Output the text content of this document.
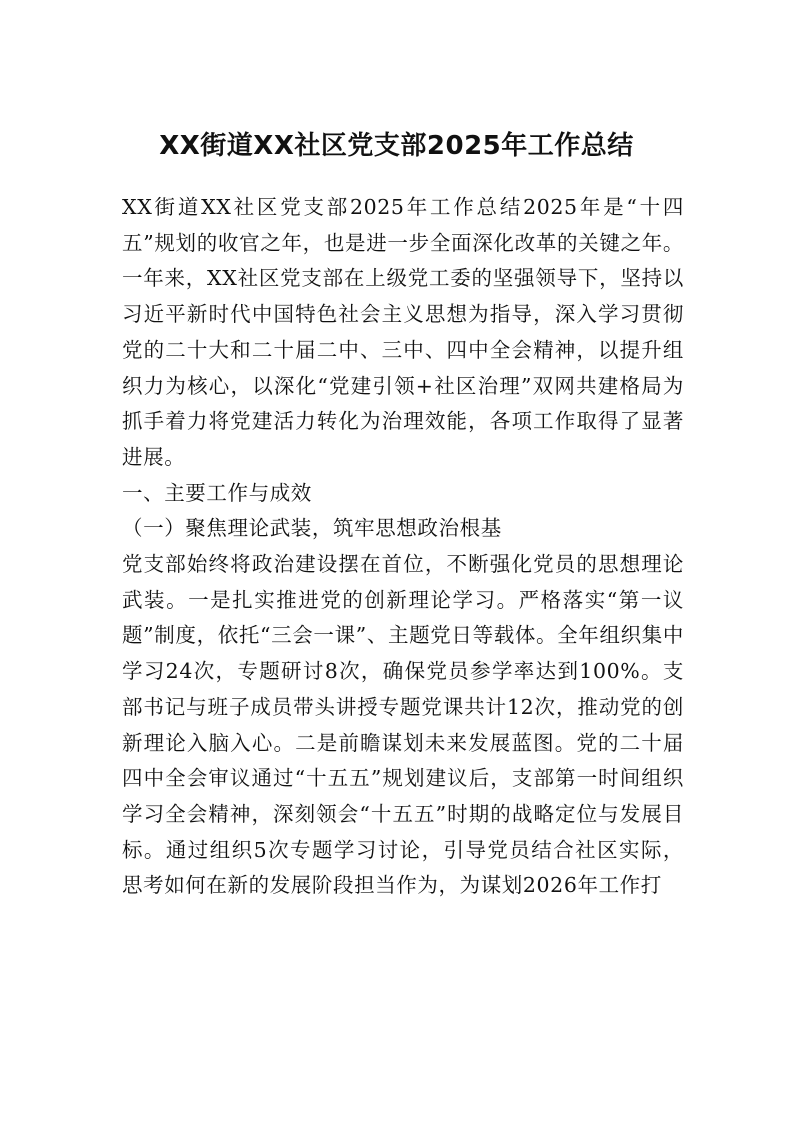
XX街道XX社区党支部2025年工作总结

XX街道XX社区党支部2025年工作总结2025年是“十四五”规划的收官之年，也是进一步全面深化改革的关键之年。一年来，XX社区党支部在上级党工委的坚强领导下，坚持以习近平新时代中国特色社会主义思想为指导，深入学习贯彻党的二十大和二十届二中、三中、四中全会精神，以提升组织力为核心，以深化“党建引领+社区治理”双网共建格局为抓手着力将党建活力转化为治理效能，各项工作取得了显著进展。

一、主要工作与成效

（一）聚焦理论武装，筑牢思想政治根基

党支部始终将政治建设摆在首位，不断强化党员的思想理论武装。一是扎实推进党的创新理论学习。严格落实“第一议题”制度，依托“三会一课”、主题党日等载体。全年组织集中学习24次，专题研讨8次，确保党员参学率达到100%。支部书记与班子成员带头讲授专题党课共计12次，推动党的创新理论入脑入心。二是前瞻谋划未来发展蓝图。党的二十届四中全会审议通过“十五五”规划建议后，支部第一时间组织学习全会精神，深刻领会“十五五”时期的战略定位与发展目标。通过组织5次专题学习讨论，引导党员结合社区实际，思考如何在新的发展阶段担当作为，为谋划2026年工作打
